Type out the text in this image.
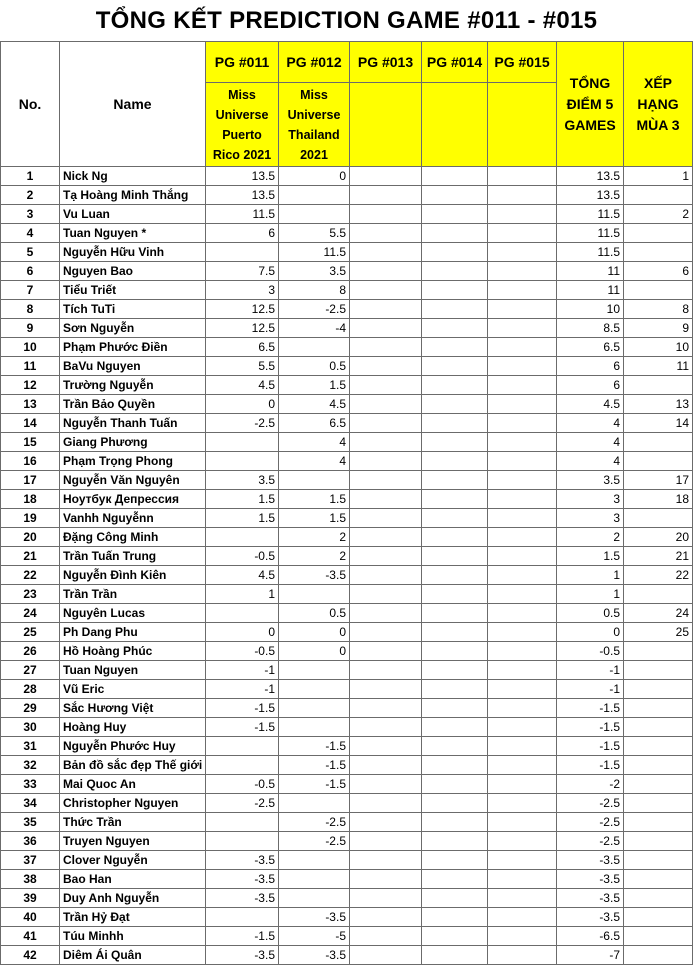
TỔNG KẾT PREDICTION GAME #011 - #015
No.	Name	PG #011	PG #012	PG #013	PG #014	PG #015	TỔNG ĐIỂM 5 GAMES	XẾP HẠNG MÙA 3
		Miss Universe Puerto Rico 2021	Miss Universe Thailand 2021					
1	Nick Ng	13.5	0				13.5	1
2	Tạ Hoàng Minh Thắng	13.5					13.5	
3	Vu Luan	11.5					11.5	2
4	Tuan Nguyen *	6	5.5				11.5	
5	Nguyễn Hữu Vinh		11.5				11.5	
6	Nguyen Bao	7.5	3.5				11	6
7	Tiểu Triết	3	8				11	
8	Tích TuTi	12.5	-2.5				10	8
9	Sơn Nguyễn	12.5	-4				8.5	9
10	Phạm Phước Điền	6.5					6.5	10
11	BaVu Nguyen	5.5	0.5				6	11
12	Trường Nguyễn	4.5	1.5				6	
13	Trần Bảo Quyền	0	4.5				4.5	13
14	Nguyễn Thanh Tuấn	-2.5	6.5				4	14
15	Giang Phương		4				4	
16	Phạm Trọng Phong		4				4	
17	Nguyễn Văn Nguyên	3.5					3.5	17
18	Ноутбук Депрессия	1.5	1.5				3	18
19	Vanhh Nguyễnn	1.5	1.5				3	
20	Đặng Công Minh		2				2	20
21	Trần Tuấn Trung	-0.5	2				1.5	21
22	Nguyễn Đình Kiên	4.5	-3.5				1	22
23	Trần Trần	1					1	
24	Nguyên Lucas		0.5				0.5	24
25	Ph Dang Phu	0	0				0	25
26	Hồ Hoàng Phúc	-0.5	0				-0.5	
27	Tuan Nguyen	-1					-1	
28	Vũ Eric	-1					-1	
29	Sắc Hương Việt	-1.5					-1.5	
30	Hoàng Huy	-1.5					-1.5	
31	Nguyễn Phước Huy		-1.5				-1.5	
32	Bản đồ sắc đẹp Thế giới		-1.5				-1.5	
33	Mai Quoc An	-0.5	-1.5				-2	
34	Christopher Nguyen	-2.5					-2.5	
35	Thức Trần		-2.5				-2.5	
36	Truyen Nguyen		-2.5				-2.5	
37	Clover Nguyễn	-3.5					-3.5	
38	Bao Han	-3.5					-3.5	
39	Duy Anh Nguyễn	-3.5					-3.5	
40	Trần Hỷ Đạt		-3.5				-3.5	
41	Túu Minhh	-1.5	-5				-6.5	
42	Diêm Ái Quân	-3.5	-3.5				-7	
